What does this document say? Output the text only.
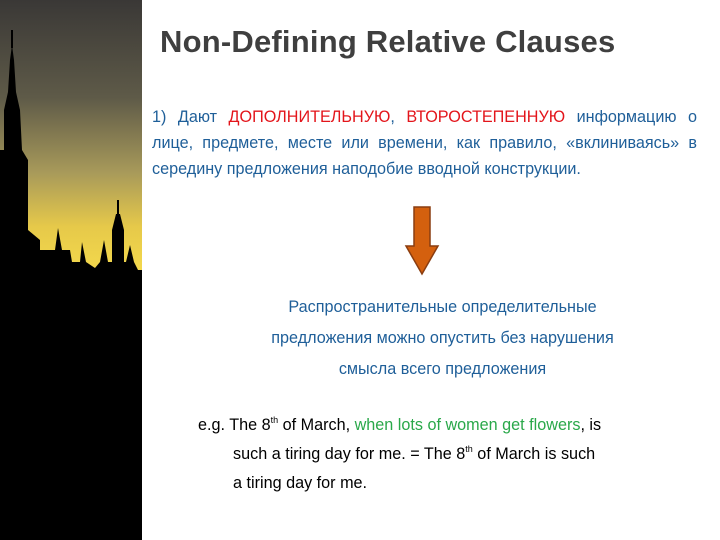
Non-Defining Relative Clauses

1) Дают ДОПОЛНИТЕЛЬНУЮ, ВТОРОСТЕПЕННУЮ информацию о лице, предмете, месте или времени, как правило, «вклиниваясь» в середину предложения наподобие вводной конструкции.

Распространительные определительные
предложения можно опустить без нарушения
смысла всего предложения
e.g. The 8th of March, when lots of women get flowers, is
such a tiring day for me. = The 8th of March is such
a tiring day for me.
